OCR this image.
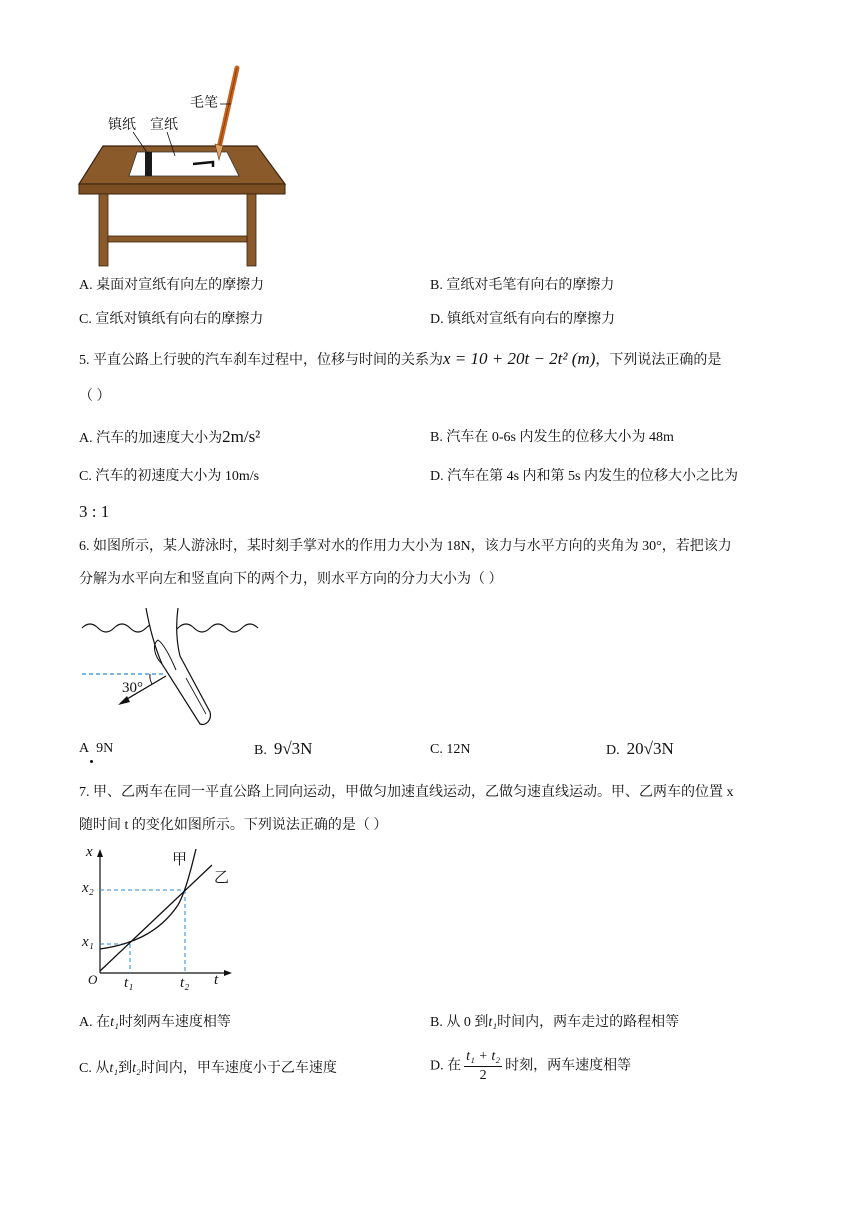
毛笔
镇纸 宣纸
A. 桌面对宣纸有向左的摩擦力	B. 宣纸对毛笔有向右的摩擦力
C. 宣纸对镇纸有向右的摩擦力	D. 镇纸对宣纸有向右的摩擦力
5. 平直公路上行驶的汽车刹车过程中，位移与时间的关系为x = 10 + 20t − 2t² (m)，下列说法正确的是
（ ）
A. 汽车的加速度大小为2m/s²	B. 汽车在 0-6s 内发生的位移大小为 48m
C. 汽车的初速度大小为 10m/s	D. 汽车在第 4s 内和第 5s 内发生的位移大小之比为
3 : 1
6. 如图所示，某人游泳时，某时刻手掌对水的作用力大小为 18N，该力与水平方向的夹角为 30°，若把该力
分解为水平向左和竖直向下的两个力，则水平方向的分力大小为（ ）
30°
A 9N	B. 9√3N	C. 12N	D. 20√3N
7. 甲、乙两车在同一平直公路上同向运动，甲做匀加速直线运动，乙做匀速直线运动。甲、乙两车的位置 x
随时间 t 的变化如图所示。下列说法正确的是（ ）
x	甲
乙
x₂
x₁
O t₁	t₂ t
A. 在t₁时刻两车速度相等	B. 从 0 到t₁时间内，两车走过的路程相等
C. 从t₁到t₂时间内，甲车速度小于乙车速度	D. 在 $\frac{\text{t₁ + t₂}}{2}$ 时刻，两车速度相等
